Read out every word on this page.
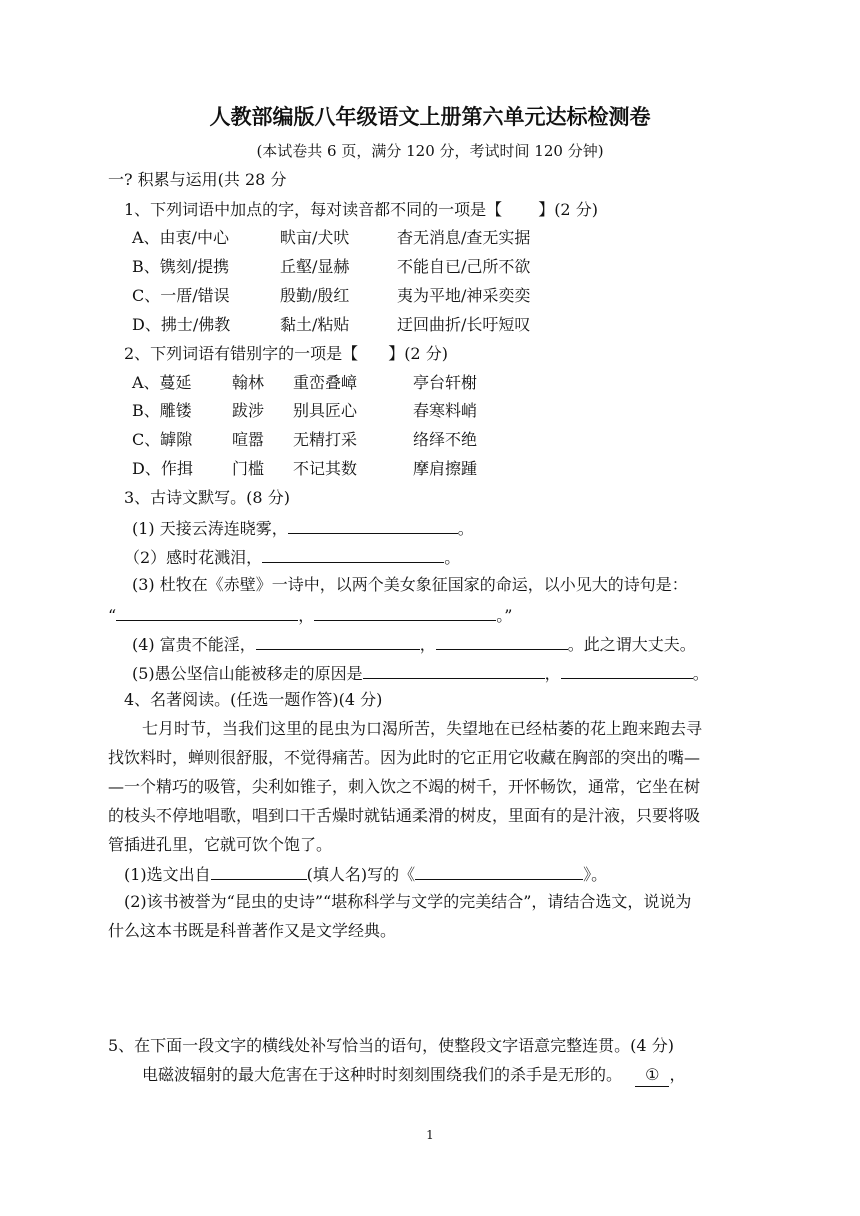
人教部编版八年级语文上册第六单元达标检测卷
(本试卷共 6 页，满分 120 分，考试时间 120 分钟)
一? 积累与运用(共 28 分
1、下列词语中加点的字，每对读音都不同的一项是【 】(2 分)
A、由衷/中心	畎亩/犬吠	杳无消息/查无实据
B、镌刻/提携	丘壑/显赫	不能自已/己所不欲
C、一厝/错误	殷勤/殷红	夷为平地/神采奕奕
D、拂士/佛教	黏土/粘贴	迂回曲折/长吁短叹
2、下列词语有错别字的一项是【 】(2 分)
A、蔓延	翰林 重峦叠嶂	亭台轩榭
B、雕镂	跋涉 别具匠心	春寒料峭
C、罅隙 喧嚣 无精打采	络绎不绝
D、作揖 门槛 不记其数	摩肩擦踵
3、古诗文默写。(8 分)
(1) 天接云涛连晓雾，	。
（2）感时花溅泪，	。
(3) 杜牧在《赤壁》一诗中，以两个美女象征国家的命运，以小见大的诗句是：
“	，	。”
(4) 富贵不能淫，	，	。此之谓大丈夫。
(5)愚公坚信山能被移走的原因是	，	。
4、名著阅读。(任选一题作答)(4 分)
七月时节，当我们这里的昆虫为口渴所苦，失望地在已经枯萎的花上跑来跑去寻
找饮料时，蝉则很舒服，不觉得痛苦。因为此时的它正用它收藏在胸部的突出的嘴—
—一个精巧的吸管，尖利如锥子，刺入饮之不竭的树千，开怀畅饮，通常，它坐在树
的枝头不停地唱歌，唱到口干舌燥时就钻通柔滑的树皮，里面有的是汁液，只要将吸
管插进孔里，它就可饮个饱了。
(1)选文出自	(填人名)写的《	》。
(2)该书被誉为“昆虫的史诗”“堪称科学与文学的完美结合”，请结合选文，说说为
什么这本书既是科普著作又是文学经典。
5、在下面一段文字的横线处补写恰当的语句，使整段文字语意完整连贯。(4 分)
电磁波辐射的最大危害在于这种时时刻刻围绕我们的杀手是无形的。 ① ，
1
